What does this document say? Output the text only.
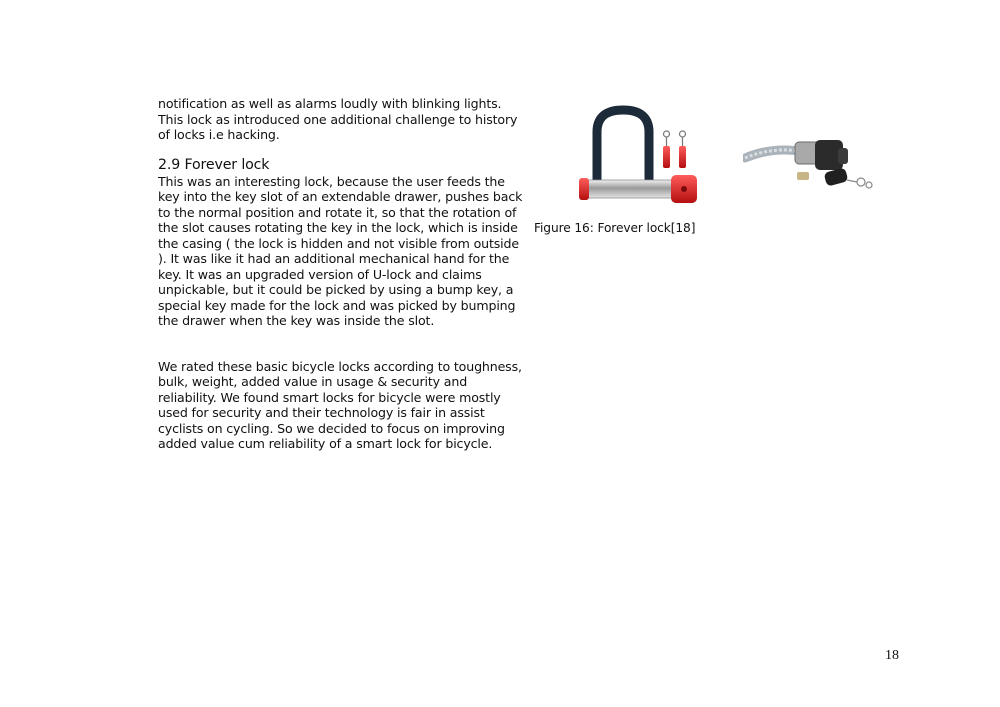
notification as well as alarms loudly with blinking lights. This lock as introduced one additional challenge to history of locks i.e hacking.

2.9 Forever lock

This was an interesting lock, because the user feeds the key into the key slot of an extendable drawer, pushes back to the normal position and rotate it, so that the rotation of the slot causes rotating the key in the lock, which is inside the casing ( the lock is hidden and not visible from outside ). It was like it had an additional mechanical hand for the key. It was an upgraded version of U-lock and claims unpickable, but it could be picked by using a bump key, a special key made for the lock and was picked by bumping the drawer when the key was inside the slot.

We rated these basic bicycle locks according to toughness, bulk, weight, added value in usage & security and reliability. We found smart locks for bicycle were mostly used for security and their technology is fair in assist cyclists on cycling. So we decided to focus on improving added value cum reliability of a smart lock for bicycle.

Figure 16: Forever lock[18]
18
